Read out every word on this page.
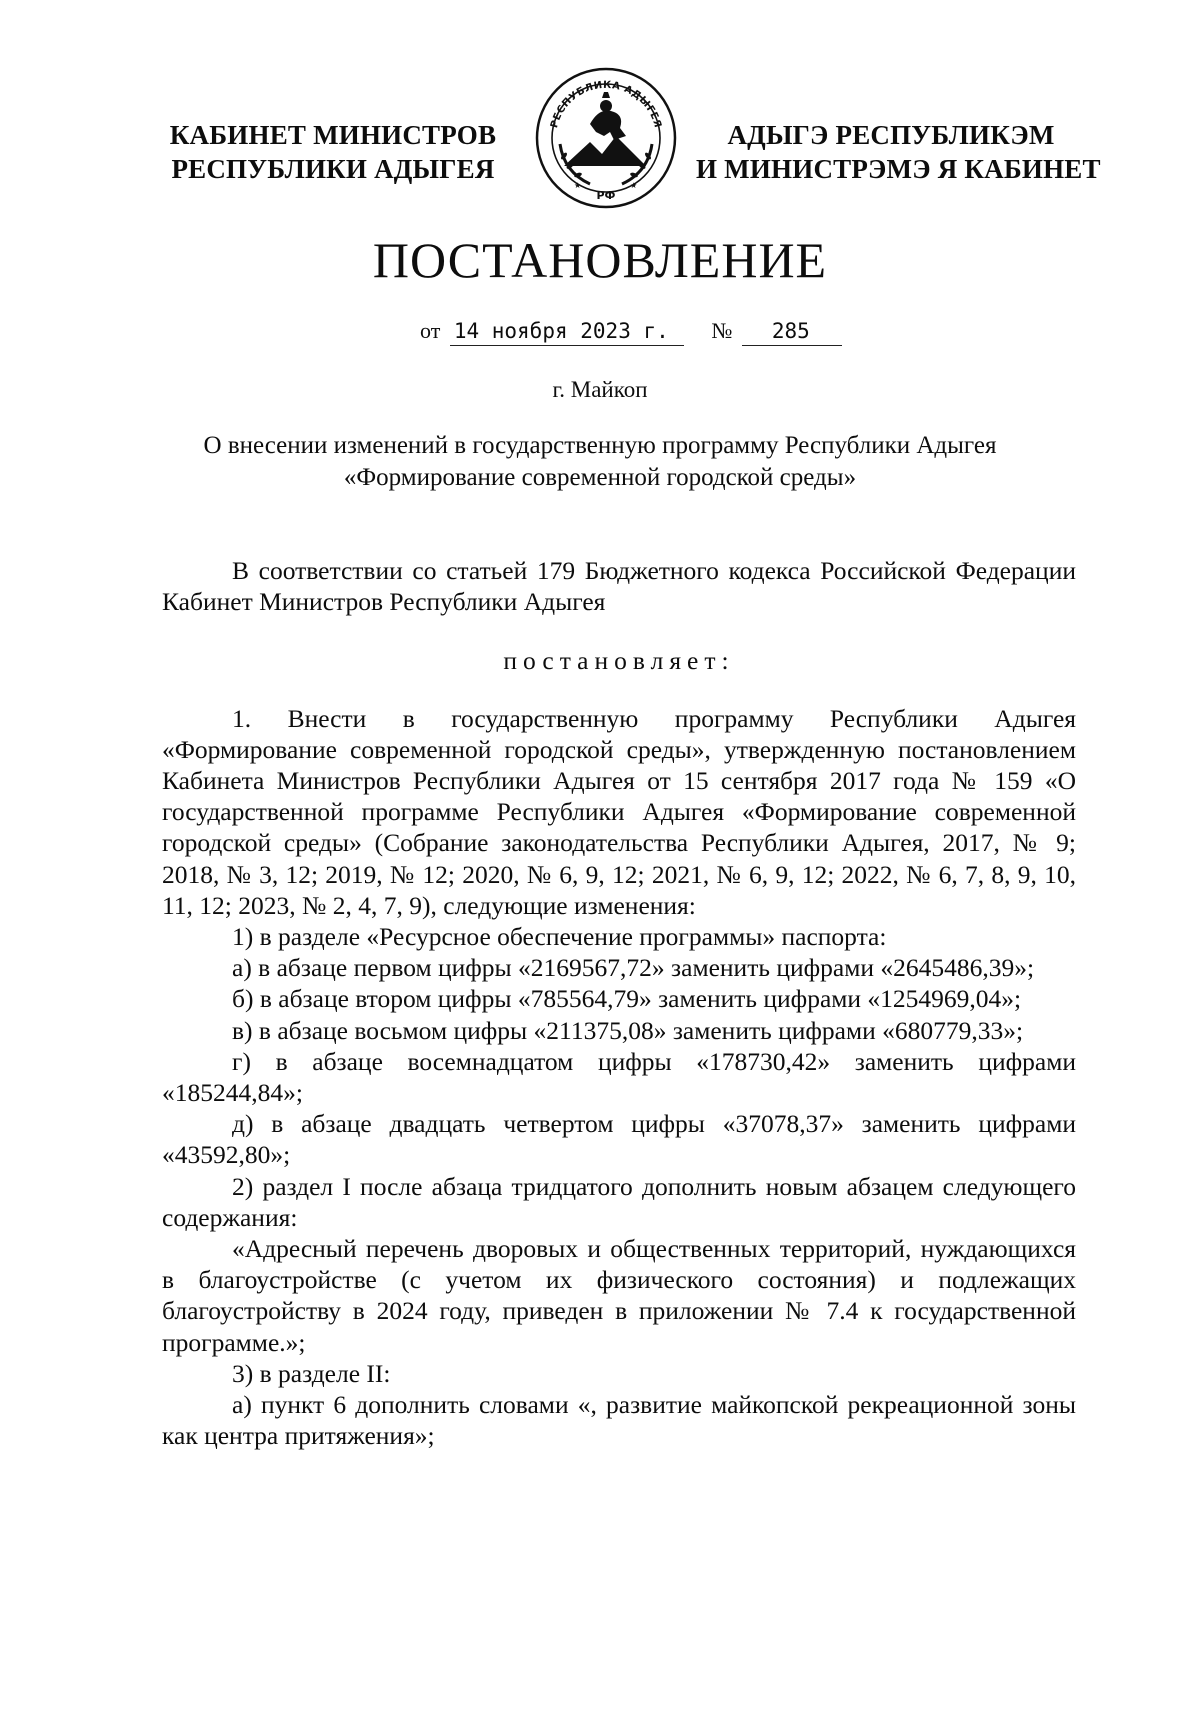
КАБИНЕТ МИНИСТРОВ
РЕСПУБЛИКИ АДЫГЕЯ
РЕСПУБЛИКА АДЫГЕЯ
★	★
РФ
АДЫГЭ РЕСПУБЛИКЭМ
И МИНИСТРЭМЭ Я КАБИНЕТ
ПОСТАНОВЛЕНИЕ
от 14 ноября 2023 г. № 285
г. Майкоп
О внесении изменений в государственную программу Республики Адыгея
«Формирование современной городской среды»

В соответствии со статьей 179 Бюджетного кодекса Российской Федерации Кабинет Министров Республики Адыгея

постановляет:

1. Внести в государственную программу Республики Адыгея «Формирование современной городской среды», утвержденную постановлением Кабинета Министров Республики Адыгея от 15 сентября 2017 года № 159 «О государственной программе Республики Адыгея «Формирование современной городской среды» (Собрание законодательства Республики Адыгея, 2017, № 9; 2018, № 3, 12; 2019, № 12; 2020, № 6, 9, 12; 2021, № 6, 9, 12; 2022, № 6, 7, 8, 9, 10, 11, 12; 2023, № 2, 4, 7, 9), следующие изменения:

1) в разделе «Ресурсное обеспечение программы» паспорта:

а) в абзаце первом цифры «2169567,72» заменить цифрами «2645486,39»;

б) в абзаце втором цифры «785564,79» заменить цифрами «1254969,04»;

в) в абзаце восьмом цифры «211375,08» заменить цифрами «680779,33»;

г) в абзаце восемнадцатом цифры «178730,42» заменить цифрами «185244,84»;

д) в абзаце двадцать четвертом цифры «37078,37» заменить цифрами «43592,80»;

2) раздел I после абзаца тридцатого дополнить новым абзацем следующего содержания:

«Адресный перечень дворовых и общественных территорий, нуждающихся в благоустройстве (с учетом их физического состояния) и подлежащих благоустройству в 2024 году, приведен в приложении № 7.4 к государственной программе.»;

3) в разделе II:

а) пункт 6 дополнить словами «, развитие майкопской рекреационной зоны как центра притяжения»;
